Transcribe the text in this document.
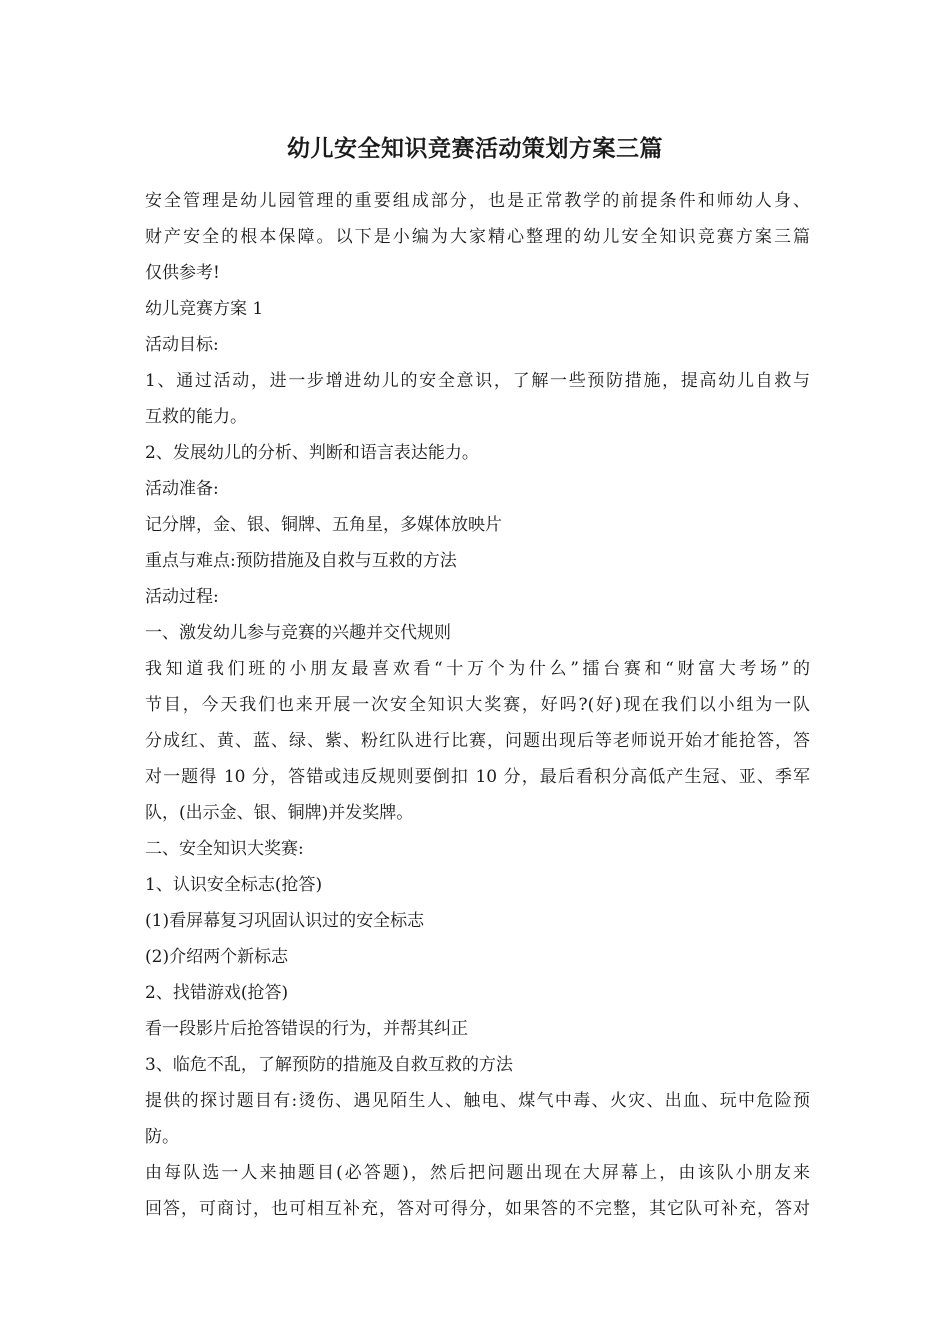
幼儿安全知识竞赛活动策划方案三篇
安全管理是幼儿园管理的重要组成部分，也是正常教学的前提条件和师幼人身、
财产安全的根本保障。以下是小编为大家精心整理的幼儿安全知识竞赛方案三篇
仅供参考!
幼儿竞赛方案 1
活动目标:
1、通过活动，进一步增进幼儿的安全意识，了解一些预防措施，提高幼儿自救与
互救的能力。
2、发展幼儿的分析、判断和语言表达能力。
活动准备:
记分牌，金、银、铜牌、五角星，多媒体放映片
重点与难点:预防措施及自救与互救的方法
活动过程:
一、激发幼儿参与竞赛的兴趣并交代规则
我知道我们班的小朋友最喜欢看“十万个为什么”擂台赛和“财富大考场”的
节目，今天我们也来开展一次安全知识大奖赛，好吗?(好)现在我们以小组为一队
分成红、黄、蓝、绿、紫、粉红队进行比赛，问题出现后等老师说开始才能抢答，答
对一题得 10 分，答错或违反规则要倒扣 10 分，最后看积分高低产生冠、亚、季军
队，(出示金、银、铜牌)并发奖牌。
二、安全知识大奖赛:
1、认识安全标志(抢答)
(1)看屏幕复习巩固认识过的安全标志
(2)介绍两个新标志
2、找错游戏(抢答)
看一段影片后抢答错误的行为，并帮其纠正
3、临危不乱，了解预防的措施及自救互救的方法
提供的探讨题目有:烫伤、遇见陌生人、触电、煤气中毒、火灾、出血、玩中危险预
防。
由每队选一人来抽题目(必答题)，然后把问题出现在大屏幕上，由该队小朋友来
回答，可商讨，也可相互补充，答对可得分，如果答的不完整，其它队可补充，答对
